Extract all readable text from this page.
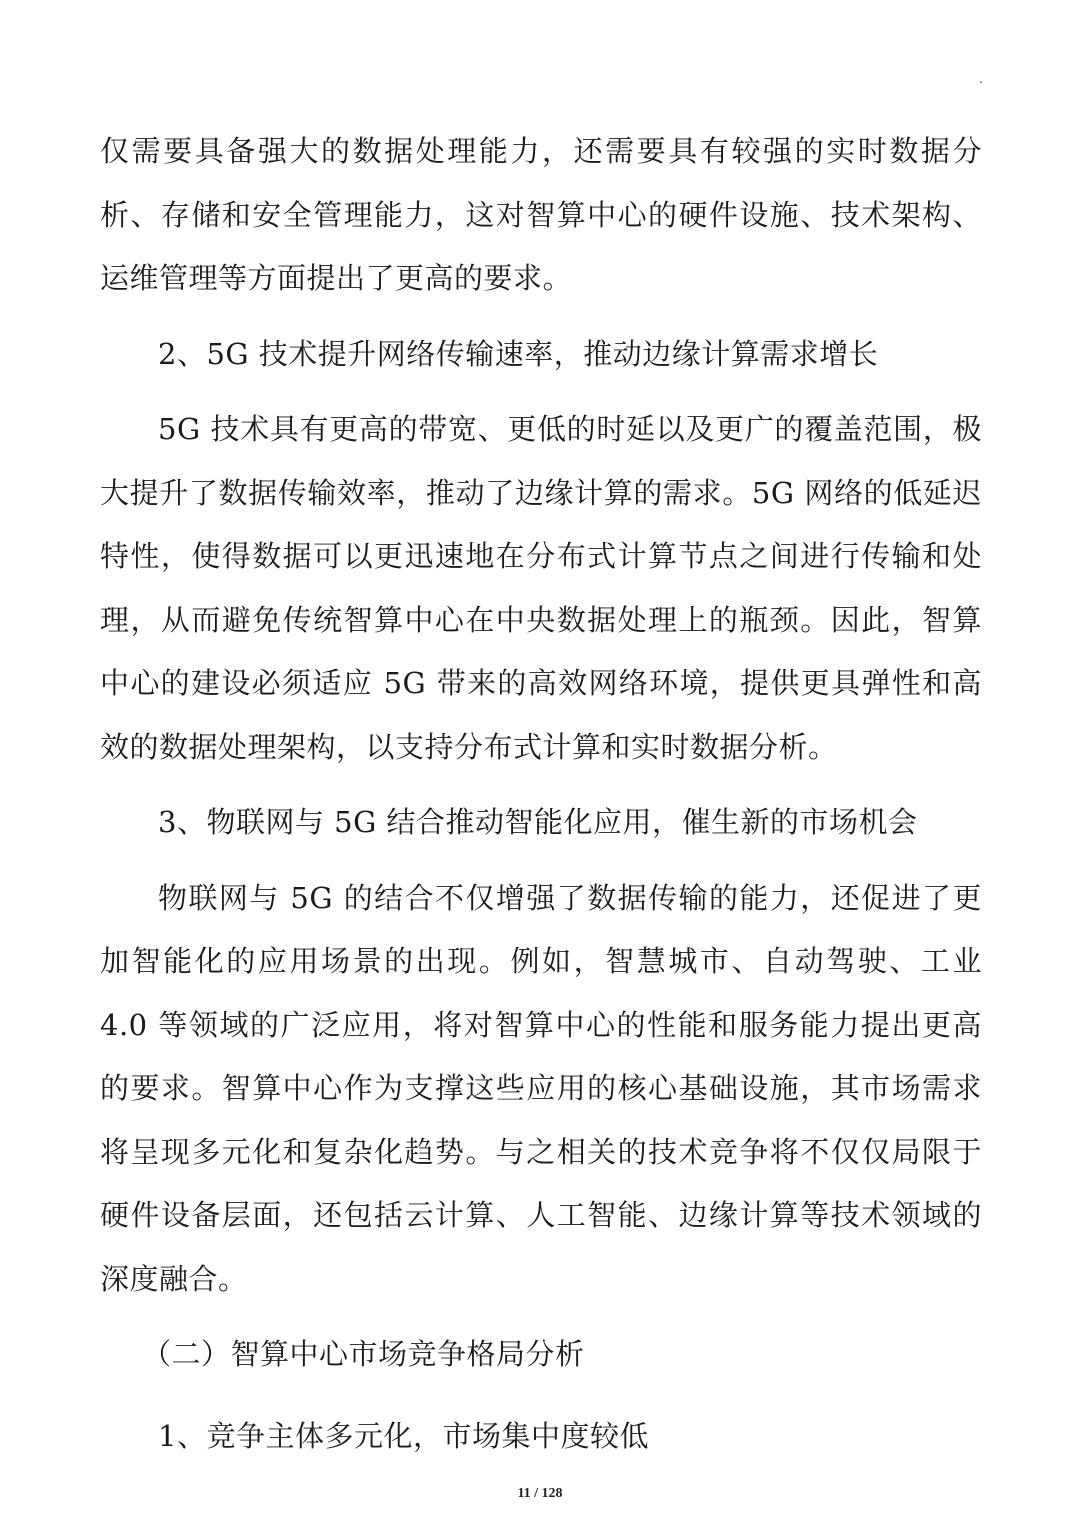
.

仅需要具备强大的数据处理能力，还需要具有较强的实时数据分析、存储和安全管理能力，这对智算中心的硬件设施、技术架构、运维管理等方面提出了更高的要求。

2、5G 技术提升网络传输速率，推动边缘计算需求增长

5G 技术具有更高的带宽、更低的时延以及更广的覆盖范围，极大提升了数据传输效率，推动了边缘计算的需求。5G 网络的低延迟特性，使得数据可以更迅速地在分布式计算节点之间进行传输和处理，从而避免传统智算中心在中央数据处理上的瓶颈。因此，智算中心的建设必须适应 5G 带来的高效网络环境，提供更具弹性和高效的数据处理架构，以支持分布式计算和实时数据分析。

3、物联网与 5G 结合推动智能化应用，催生新的市场机会

物联网与 5G 的结合不仅增强了数据传输的能力，还促进了更加智能化的应用场景的出现。例如，智慧城市、自动驾驶、工业 4.0 等领域的广泛应用，将对智算中心的性能和服务能力提出更高的要求。智算中心作为支撑这些应用的核心基础设施，其市场需求将呈现多元化和复杂化趋势。与之相关的技术竞争将不仅仅局限于硬件设备层面，还包括云计算、人工智能、边缘计算等技术领域的深度融合。

（二）智算中心市场竞争格局分析

1、竞争主体多元化，市场集中度较低

11 / 128
